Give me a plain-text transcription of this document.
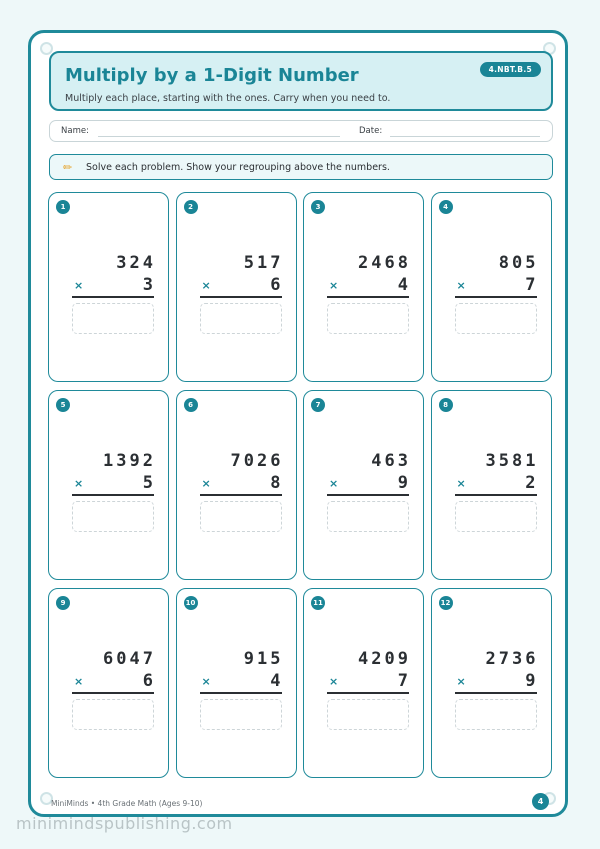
Multiply by a 1-Digit Number
Multiply each place, starting with the ones. Carry when you need to.
4.NBT.B.5
Name:	Date:
✏ Solve each problem. Show your regrouping above the numbers.
1
324
×	3
2
517
×	6
3
2468
×	4
4
805
×	7
5
1392
×	5
6
7026
×	8
7
463
×	9
8
3581
×	2
9
6047
×	6
10
915
×	4
11
4209
×	7
12
2736
×	9
MiniMinds • 4th Grade Math (Ages 9-10)	4
minimindspublishing.com
